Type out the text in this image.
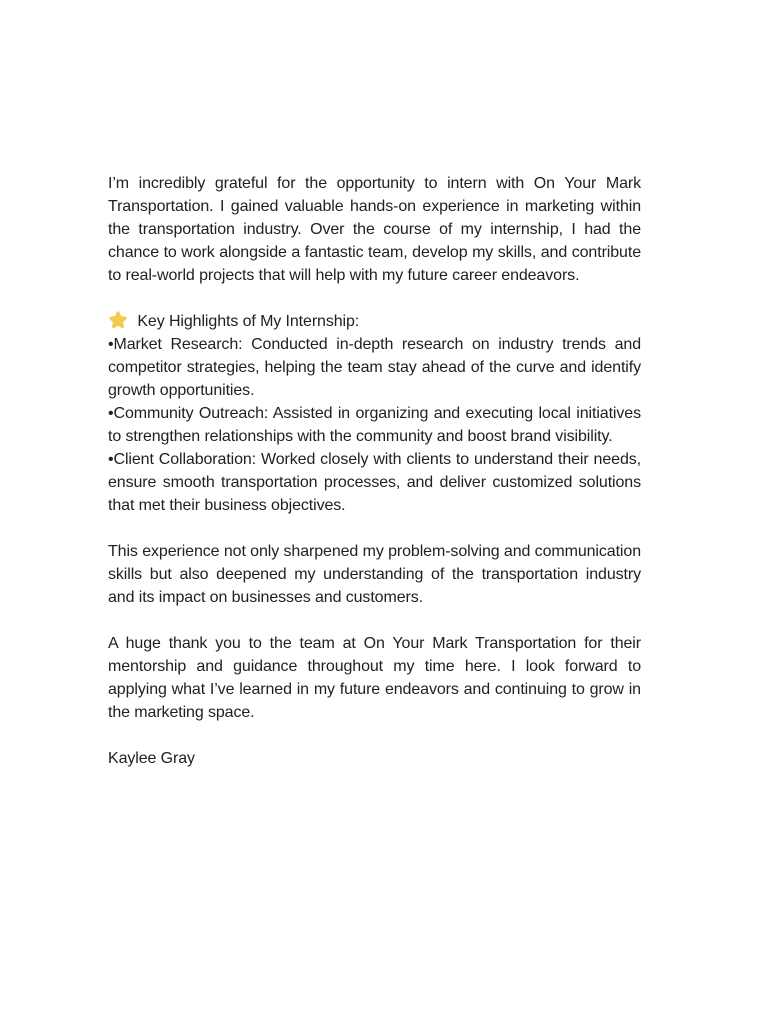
I’m incredibly grateful for the opportunity to intern with On Your Mark Transportation. I gained valuable hands-on experience in marketing within the transportation industry. Over the course of my internship, I had the chance to work alongside a fantastic team, develop my skills, and contribute to real-world projects that will help with my future career endeavors.

Key Highlights of My Internship:

•Market Research: Conducted in-depth research on industry trends and competitor strategies, helping the team stay ahead of the curve and identify growth opportunities.

•Community Outreach: Assisted in organizing and executing local initiatives to strengthen relationships with the community and boost brand visibility.

•Client Collaboration: Worked closely with clients to understand their needs, ensure smooth transportation processes, and deliver customized solutions that met their business objectives.

This experience not only sharpened my problem-solving and communication skills but also deepened my understanding of the transportation industry and its impact on businesses and customers.

A huge thank you to the team at On Your Mark Transportation for their mentorship and guidance throughout my time here. I look forward to applying what I’ve learned in my future endeavors and continuing to grow in the marketing space.

Kaylee Gray
